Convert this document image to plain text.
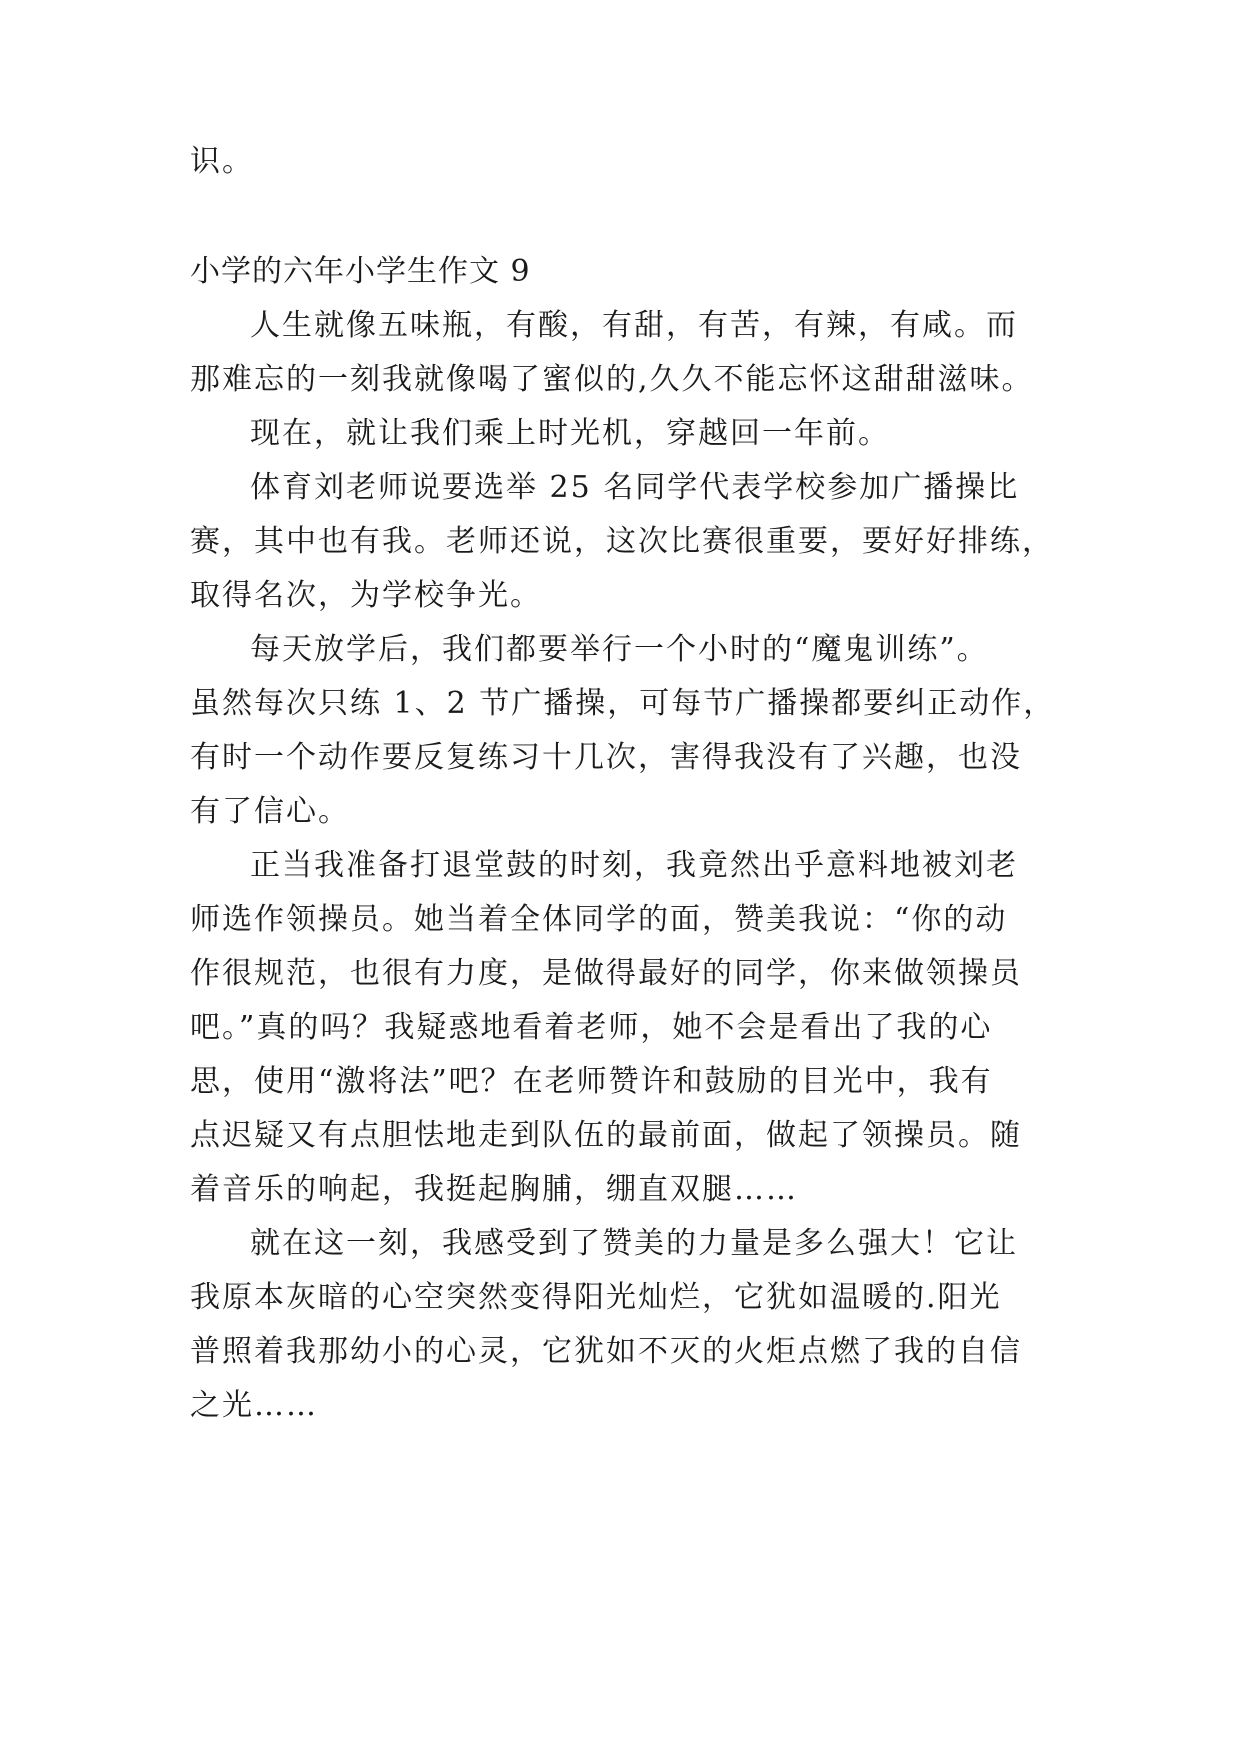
识。
小学的六年小学生作文 9
人生就像五味瓶，有酸，有甜，有苦，有辣，有咸。而
那难忘的一刻我就像喝了蜜似的,久久不能忘怀这甜甜滋味。
现在，就让我们乘上时光机，穿越回一年前。
体育刘老师说要选举 25 名同学代表学校参加广播操比
赛，其中也有我。老师还说，这次比赛很重要，要好好排练，
取得名次，为学校争光。
每天放学后，我们都要举行一个小时的“魔鬼训练”。
虽然每次只练 1、2 节广播操，可每节广播操都要纠正动作，
有时一个动作要反复练习十几次，害得我没有了兴趣，也没
有了信心。
正当我准备打退堂鼓的时刻，我竟然出乎意料地被刘老
师选作领操员。她当着全体同学的面，赞美我说：“你的动
作很规范，也很有力度，是做得最好的同学，你来做领操员
吧。”真的吗？我疑惑地看着老师，她不会是看出了我的心
思，使用“激将法”吧？在老师赞许和鼓励的目光中，我有
点迟疑又有点胆怯地走到队伍的最前面，做起了领操员。随
着音乐的响起，我挺起胸脯，绷直双腿……
就在这一刻，我感受到了赞美的力量是多么强大！它让
我原本灰暗的心空突然变得阳光灿烂，它犹如温暖的.阳光
普照着我那幼小的心灵，它犹如不灭的火炬点燃了我的自信
之光……
